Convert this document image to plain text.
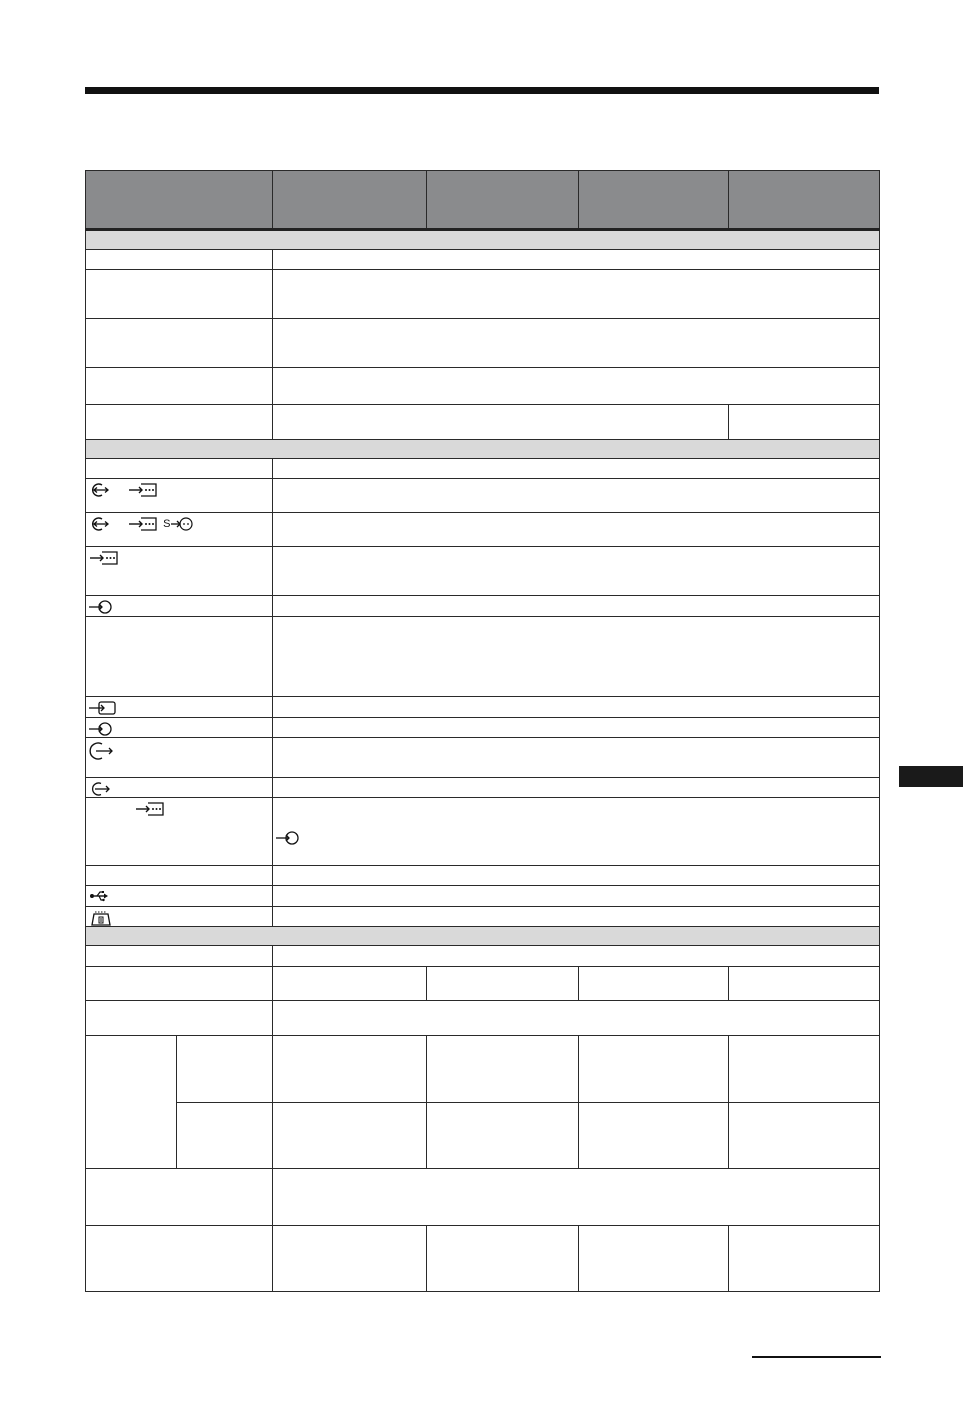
S				
